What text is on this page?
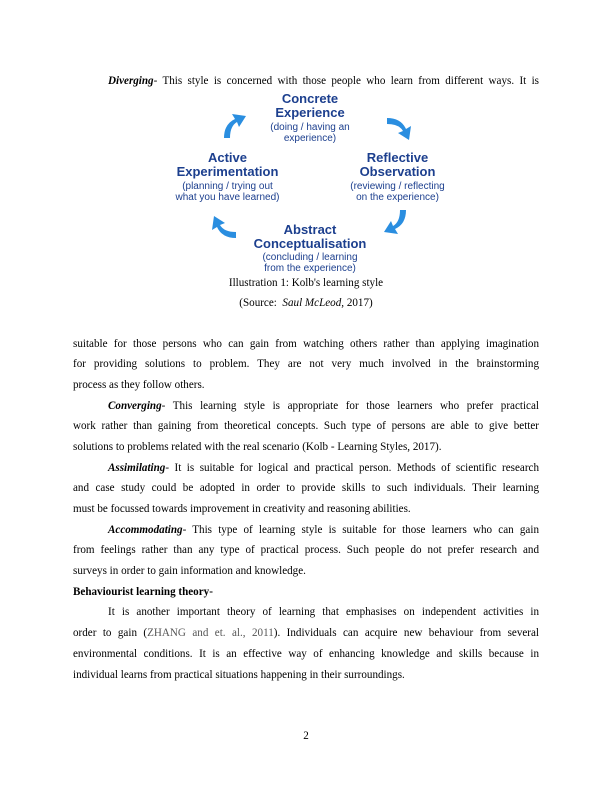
Diverging- This style is concerned with those people who learn from different ways. It is
Concrete
Experience
(doing / having an
experience)
Reflective
Observation
(reviewing / reflecting
on the experience)
Abstract
Conceptualisation
(concluding / learning
from the experience)
Active
Experimentation
(planning / trying out
what you have learned)
Illustration 1: Kolb's learning style
(Source: Saul McLeod, 2017)
suitable for those persons who can gain from watching others rather than applying imagination
for providing solutions to problem. They are not very much involved in the brainstorming
process as they follow others.
Converging- This learning style is appropriate for those learners who prefer practical
work rather than gaining from theoretical concepts. Such type of persons are able to give better
solutions to problems related with the real scenario (Kolb - Learning Styles, 2017).
Assimilating- It is suitable for logical and practical person. Methods of scientific research
and case study could be adopted in order to provide skills to such individuals. Their learning
must be focussed towards improvement in creativity and reasoning abilities.
Accommodating- This type of learning style is suitable for those learners who can gain
from feelings rather than any type of practical process. Such people do not prefer research and
surveys in order to gain information and knowledge.
Behaviourist learning theory-
It is another important theory of learning that emphasises on independent activities in
order to gain (ZHANG and et. al., 2011). Individuals can acquire new behaviour from several
environmental conditions. It is an effective way of enhancing knowledge and skills because in
individual learns from practical situations happening in their surroundings.
2
